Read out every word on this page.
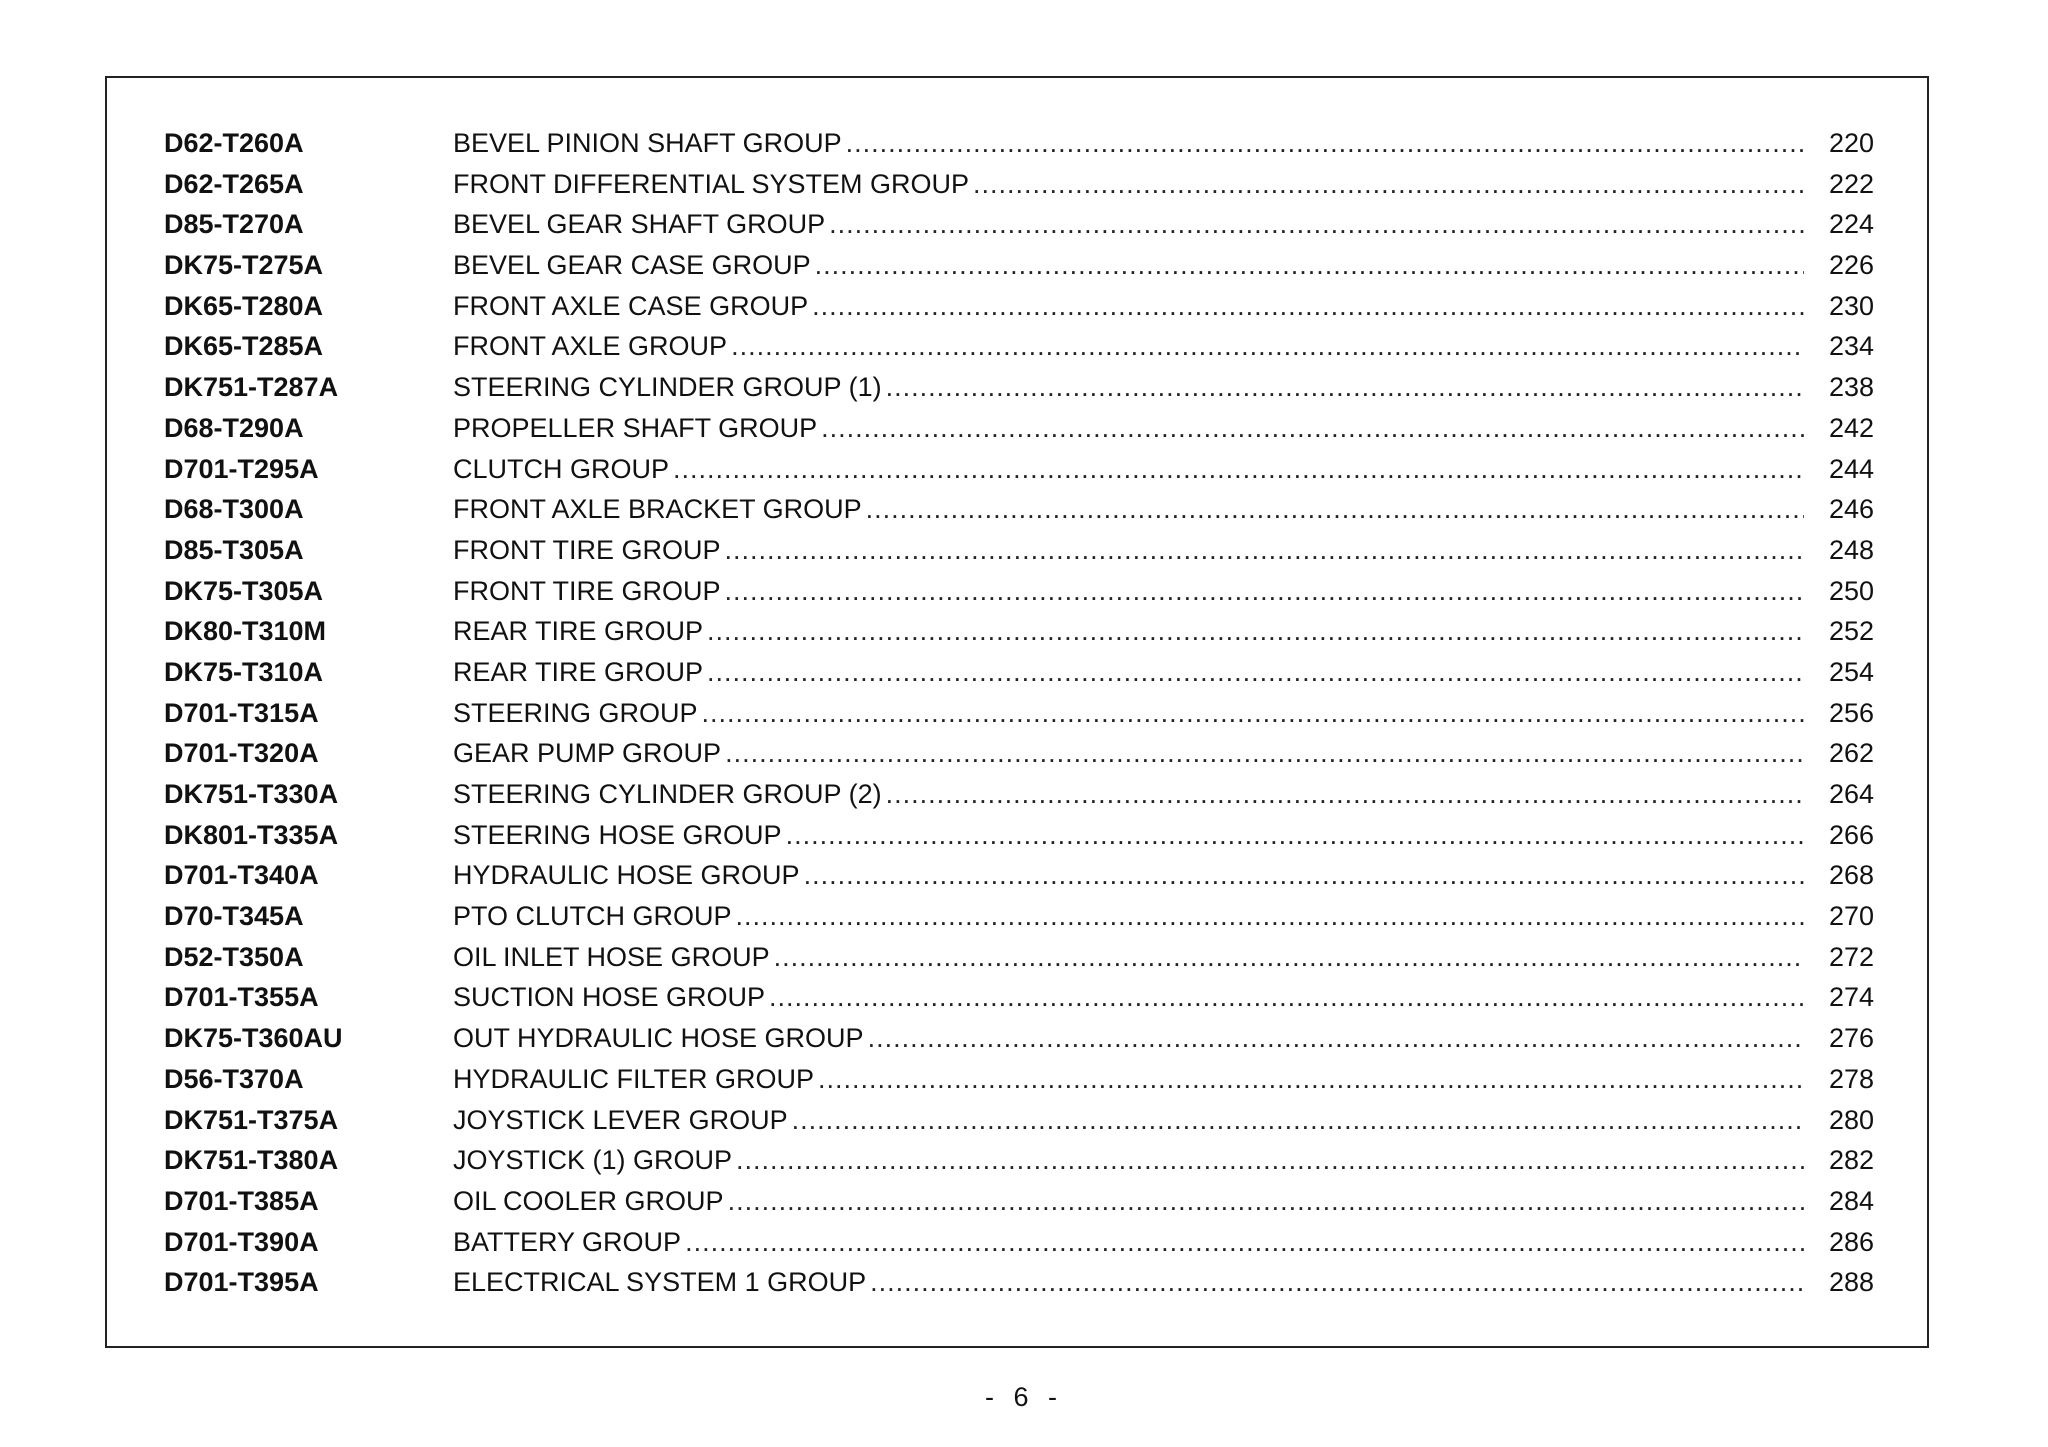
D62-T260A	BEVEL PINION SHAFT GROUP .....	220
D62-T265A	FRONT DIFFERENTIAL SYSTEM GROUP .....	222
D85-T270A	BEVEL GEAR SHAFT GROUP .....	224
DK75-T275A	BEVEL GEAR CASE GROUP .....	226
DK65-T280A	FRONT AXLE CASE GROUP .....	230
DK65-T285A	FRONT AXLE GROUP .....	234
DK751-T287A	STEERING CYLINDER GROUP (1) .....	238
D68-T290A	PROPELLER SHAFT GROUP .....	242
D701-T295A	CLUTCH GROUP .....	244
D68-T300A	FRONT AXLE BRACKET GROUP .....	246
D85-T305A	FRONT TIRE GROUP .....	248
DK75-T305A	FRONT TIRE GROUP .....	250
DK80-T310M	REAR TIRE GROUP .....	252
DK75-T310A	REAR TIRE GROUP .....	254
D701-T315A	STEERING GROUP .....	256
D701-T320A	GEAR PUMP GROUP .....	262
DK751-T330A	STEERING CYLINDER GROUP (2) .....	264
DK801-T335A	STEERING HOSE GROUP .....	266
D701-T340A	HYDRAULIC HOSE GROUP .....	268
D70-T345A	PTO CLUTCH GROUP .....	270
D52-T350A	OIL INLET HOSE GROUP .....	272
D701-T355A	SUCTION HOSE GROUP .....	274
DK75-T360AU	OUT HYDRAULIC HOSE GROUP .....	276
D56-T370A	HYDRAULIC FILTER GROUP .....	278
DK751-T375A	JOYSTICK LEVER GROUP .....	280
DK751-T380A	JOYSTICK (1) GROUP .....	282
D701-T385A	OIL COOLER GROUP .....	284
D701-T390A	BATTERY GROUP .....	286
D701-T395A	ELECTRICAL SYSTEM 1 GROUP .....	288
- 6 -
